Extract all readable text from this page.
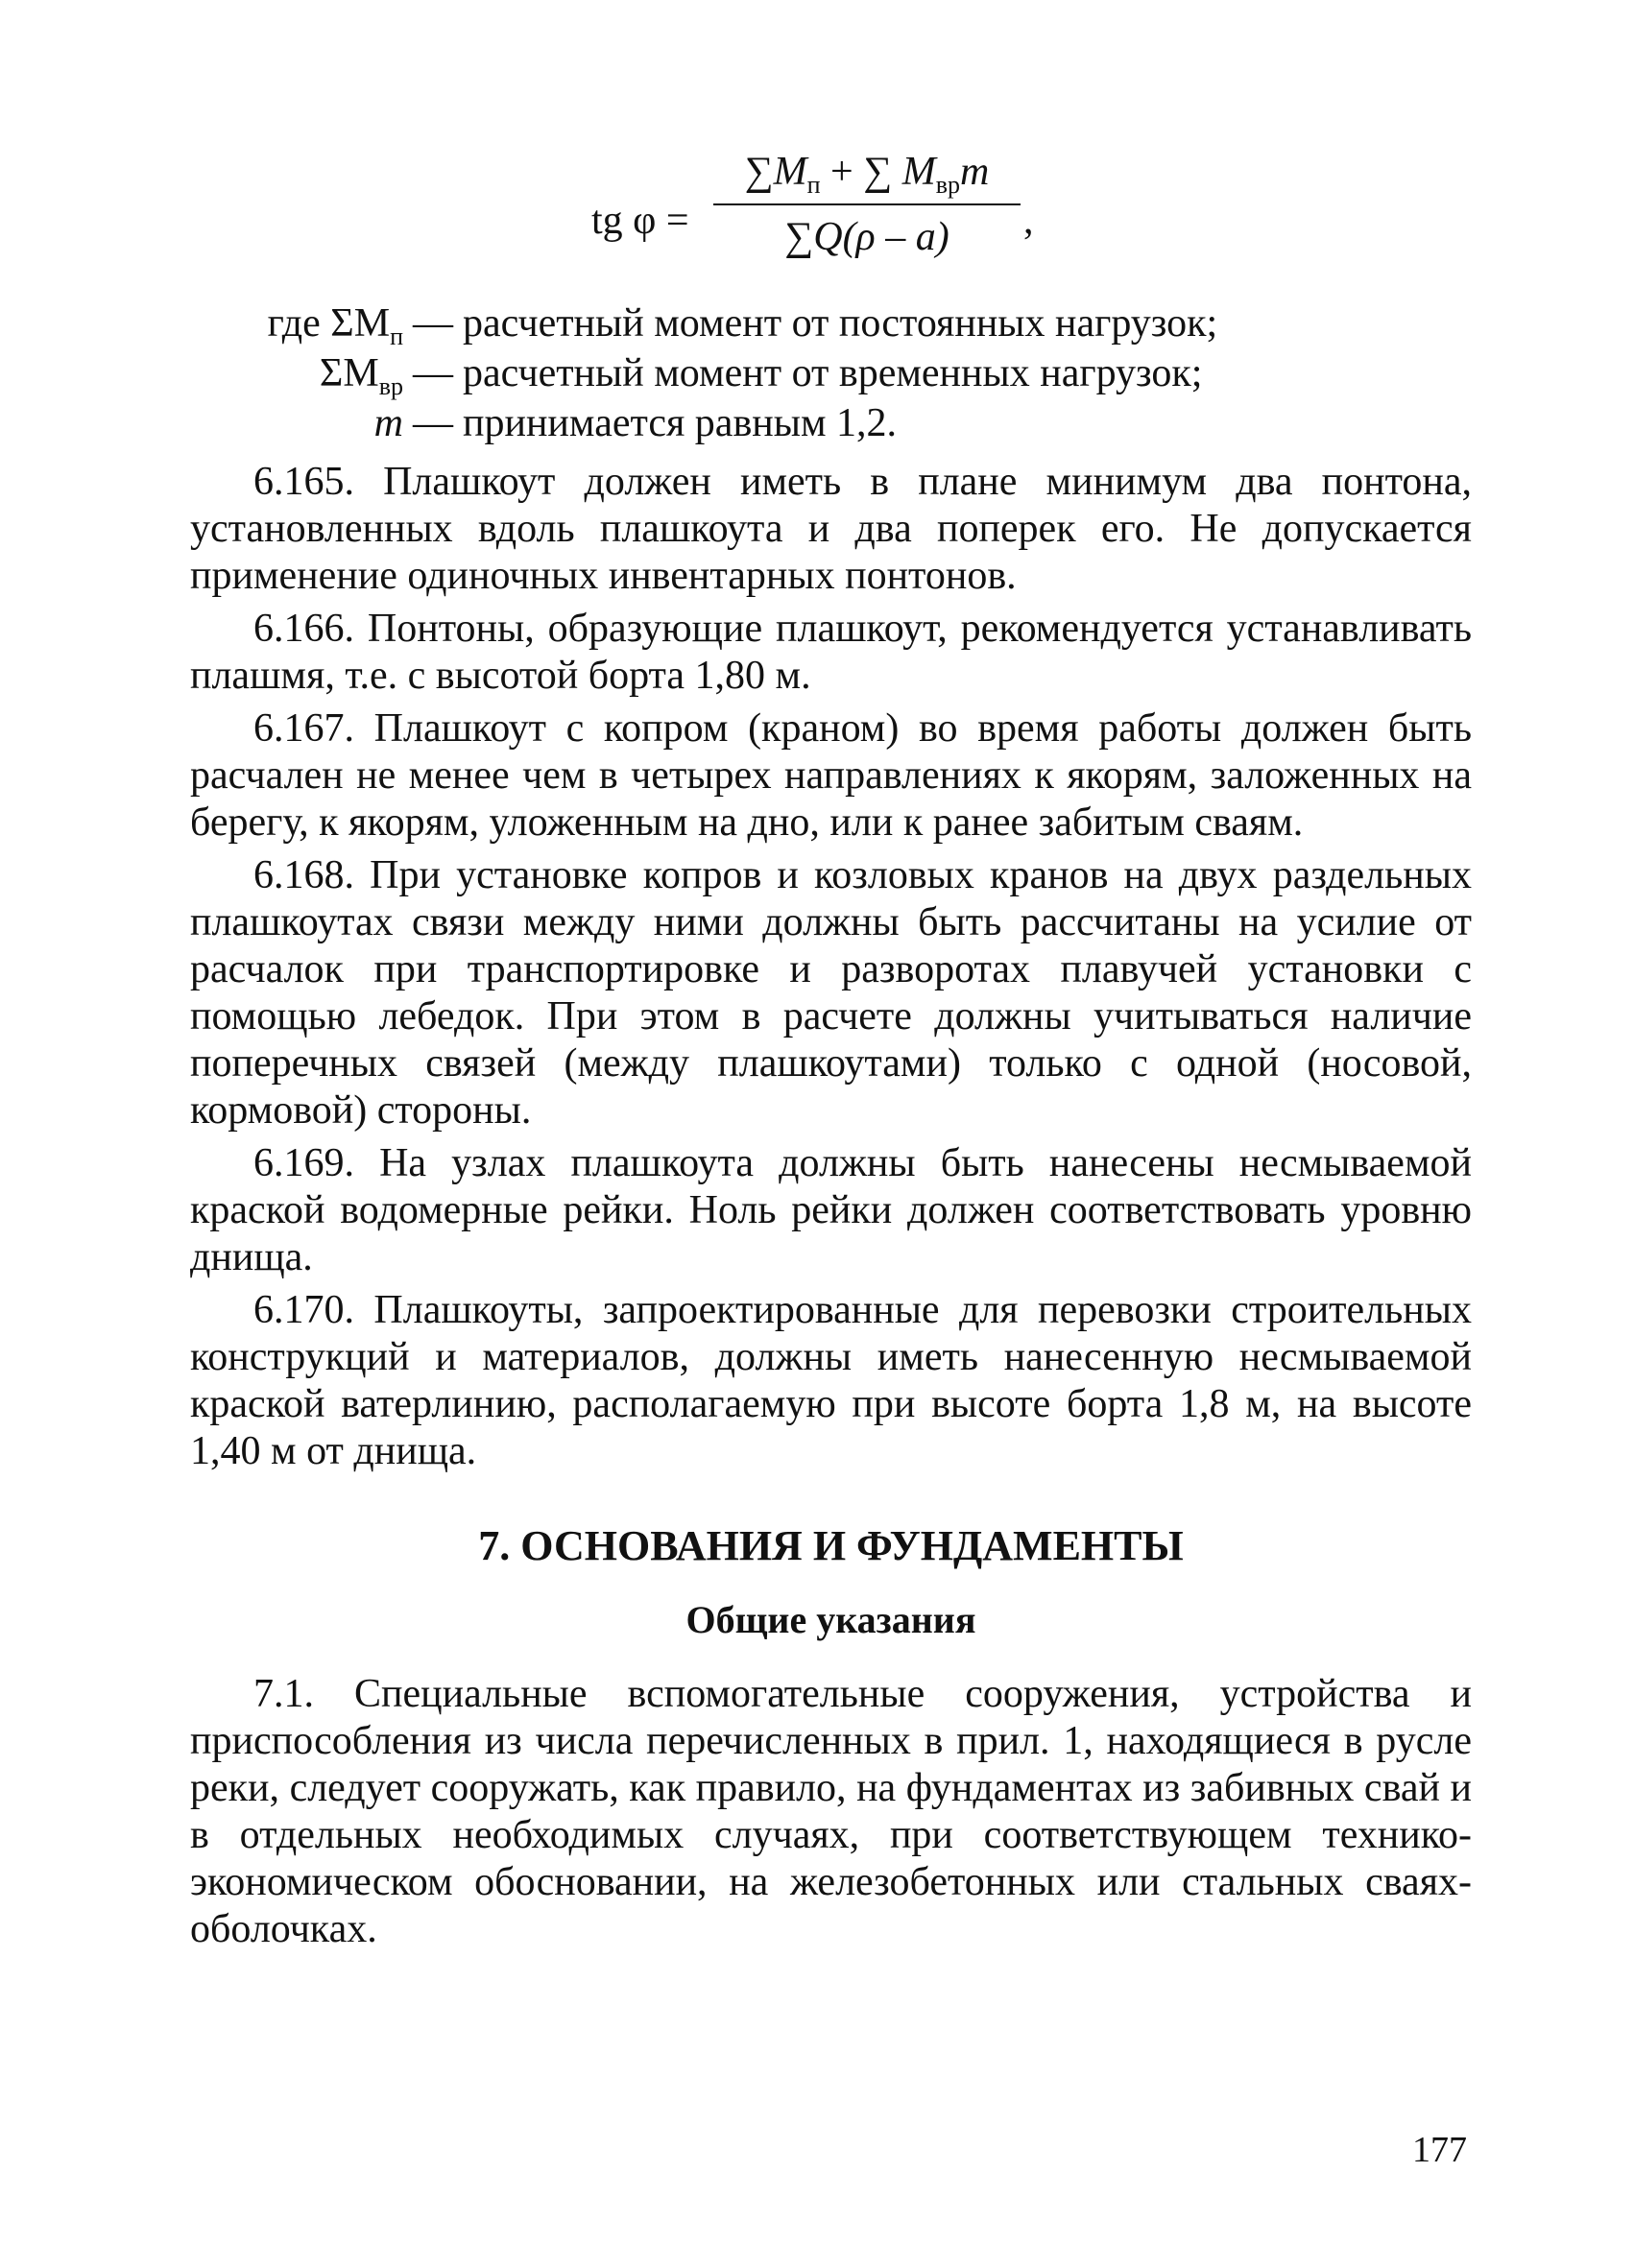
tg φ =
$\sum M_п$ + ∑ $M_{вр}m$
∑Q(ρ – a)	,
где $\Sigma M_п$ — расчетный момент от постоянных нагрузок;
$\Sigma M_{вр}$ — расчетный момент от временных нагрузок;
m — принимается равным 1,2.

6.165. Плашкоут должен иметь в плане минимум два понтона, установленных вдоль плашкоута и два поперек его. Не допускается применение одиночных инвентарных понтонов.

6.166. Понтоны, образующие плашкоут, рекомендуется устанавливать плашмя, т.е. с высотой борта 1,80 м.

6.167. Плашкоут с копром (краном) во время работы должен быть расчален не менее чем в четырех направлениях к якорям, заложенных на берегу, к якорям, уложенным на дно, или к ранее забитым сваям.

6.168. При установке копров и козловых кранов на двух раздельных плашкоутах связи между ними должны быть рассчитаны на усилие от расчалок при транспортировке и разворотах плавучей установки с помощью лебедок. При этом в расчете должны учитываться наличие поперечных связей (между плашкоутами) только с одной (носовой, кормовой) стороны.

6.169. На узлах плашкоута должны быть нанесены несмываемой краской водомерные рейки. Ноль рейки должен соответствовать уровню днища.

6.170. Плашкоуты, запроектированные для перевозки строительных конструкций и материалов, должны иметь нанесенную несмываемой краской ватерлинию, располагаемую при высоте борта 1,8 м, на высоте 1,40 м от днища.

7. ОСНОВАНИЯ И ФУНДАМЕНТЫ
Общие указания

7.1. Специальные вспомогательные сооружения, устройства и приспособления из числа перечисленных в прил. 1, находящиеся в русле реки, следует сооружать, как правило, на фундаментах из забивных свай и в отдельных необходимых случаях, при соответствующем технико-экономическом обосновании, на железобетонных или стальных сваях-оболочках.

177
